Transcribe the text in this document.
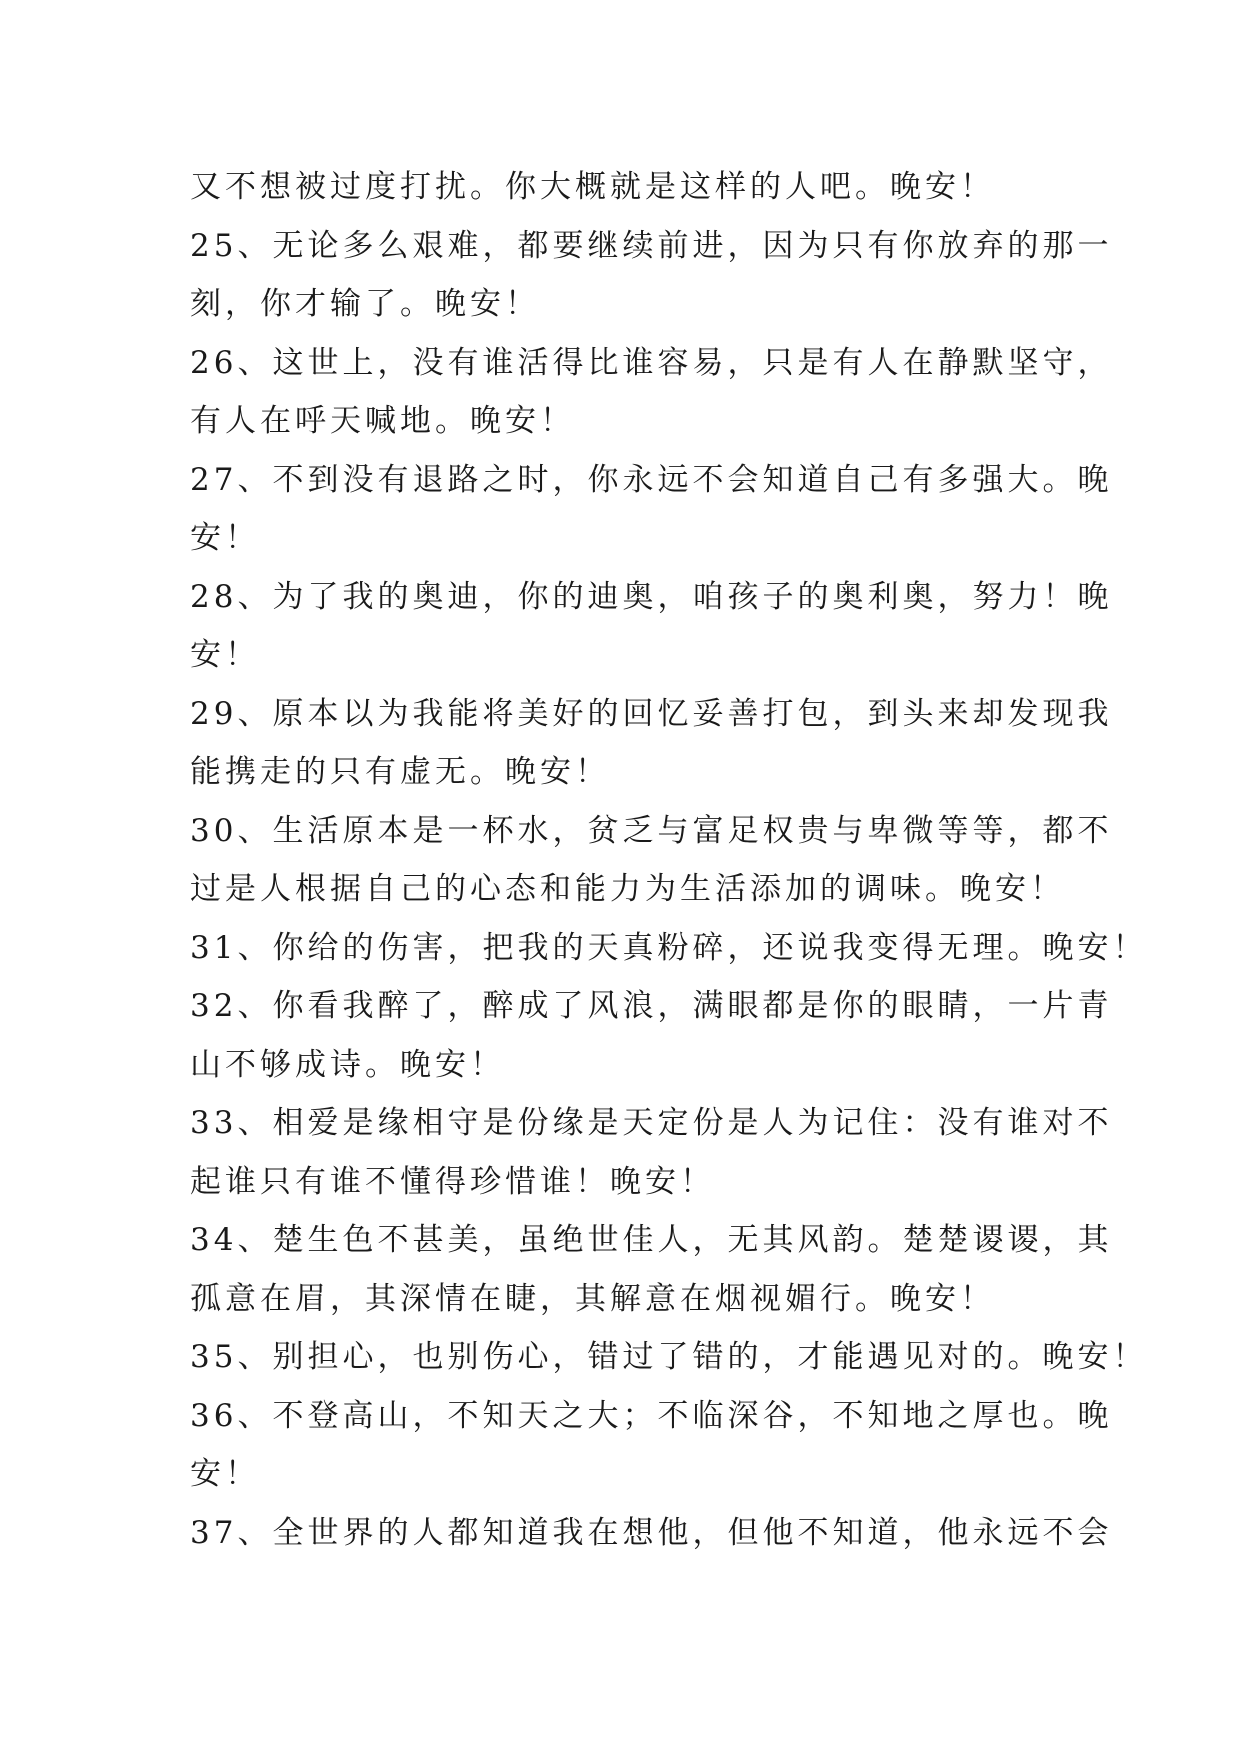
又不想被过度打扰。你大概就是这样的人吧。晚安！
25、无论多么艰难，都要继续前进，因为只有你放弃的那一
刻，你才输了。晚安！
26、这世上，没有谁活得比谁容易，只是有人在静默坚守，
有人在呼天喊地。晚安！
27、不到没有退路之时，你永远不会知道自己有多强大。晚
安！
28、为了我的奥迪，你的迪奥，咱孩子的奥利奥，努力！晚
安！
29、原本以为我能将美好的回忆妥善打包，到头来却发现我
能携走的只有虚无。晚安！
30、生活原本是一杯水，贫乏与富足权贵与卑微等等，都不
过是人根据自己的心态和能力为生活添加的调味。晚安！
31、你给的伤害，把我的天真粉碎，还说我变得无理。晚安！
32、你看我醉了，醉成了风浪，满眼都是你的眼睛，一片青
山不够成诗。晚安！
33、相爱是缘相守是份缘是天定份是人为记住：没有谁对不
起谁只有谁不懂得珍惜谁！晚安！
34、楚生色不甚美，虽绝世佳人，无其风韵。楚楚谡谡，其
孤意在眉，其深情在睫，其解意在烟视媚行。晚安！
35、别担心，也别伤心，错过了错的，才能遇见对的。晚安！
36、不登高山，不知天之大；不临深谷，不知地之厚也。晚
安！
37、全世界的人都知道我在想他，但他不知道，他永远不会
